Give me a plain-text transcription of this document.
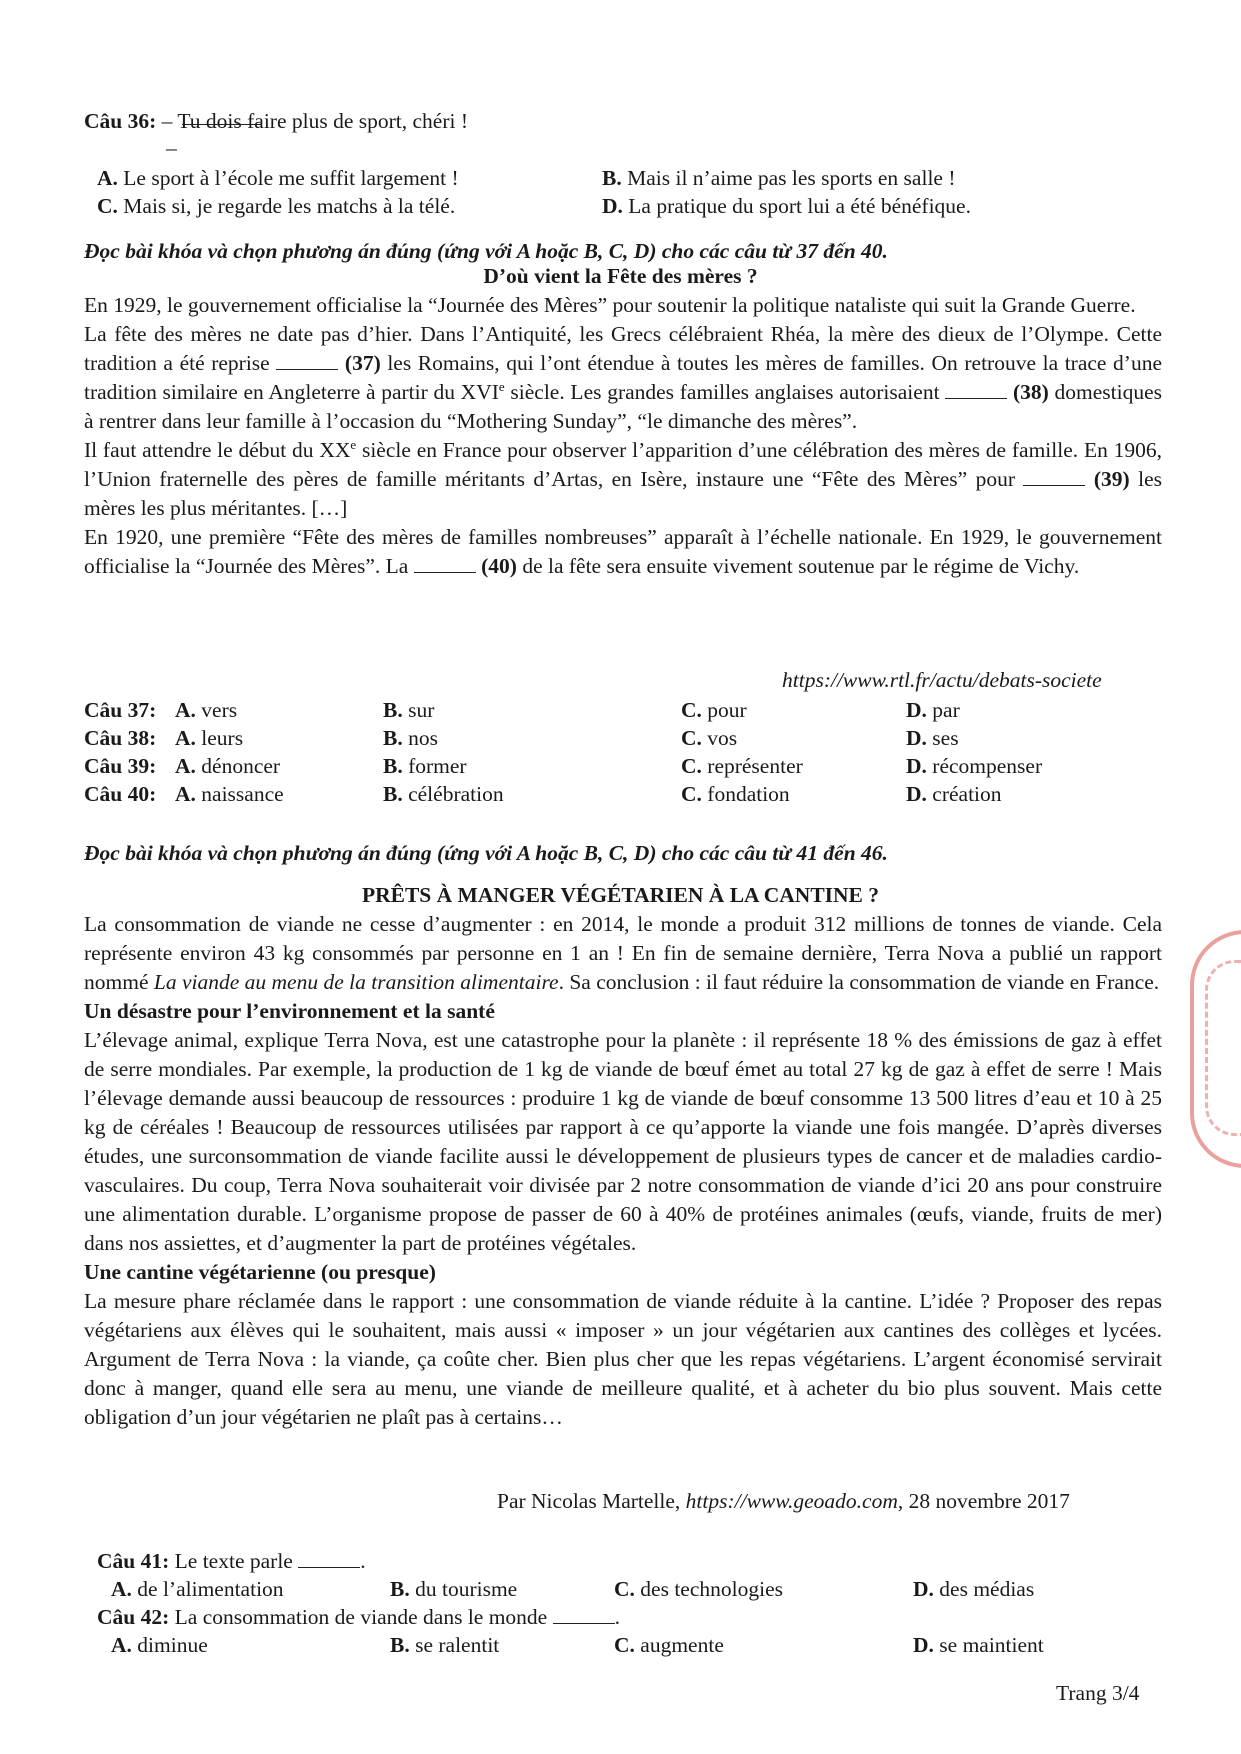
Câu 36: – Tu dois faire plus de sport, chéri !
–
A. Le sport à l’école me suffit largement !	B. Mais il n’aime pas les sports en salle !
C. Mais si, je regarde les matchs à la télé.	D. La pratique du sport lui a été bénéfique.
Đọc bài khóa và chọn phương án đúng (ứng với A hoặc B, C, D) cho các câu từ 37 đến 40.
D’où vient la Fête des mères ?
En 1929, le gouvernement officialise la “Journée des Mères” pour soutenir la politique nataliste qui suit la Grande Guerre.
La fête des mères ne date pas d’hier. Dans l’Antiquité, les Grecs célébraient Rhéa, la mère des dieux de l’Olympe. Cette tradition a été reprise	(37) les Romains, qui l’ont étendue à toutes les mères de familles. On retrouve la trace d’une tradition similaire en Angleterre à partir du XVIe siècle. Les grandes familles anglaises autorisaient	(38) domestiques à rentrer dans leur famille à l’occasion du “Mothering Sunday”, “le dimanche des mères”.
Il faut attendre le début du XXe siècle en France pour observer l’apparition d’une célébration des mères de famille. En 1906, l’Union fraternelle des pères de famille méritants d’Artas, en Isère, instaure une “Fête des Mères” pour	(39) les mères les plus méritantes. […]
En 1920, une première “Fête des mères de familles nombreuses” apparaît à l’échelle nationale. En 1929, le gouvernement officialise la “Journée des Mères”. La	(40) de la fête sera ensuite vivement soutenue par le régime de Vichy.
https://www.rtl.fr/actu/debats-societe
Câu 37: A. vers	B. sur	C. pour	D. par
Câu 38: A. leurs	B. nos	C. vos	D. ses
Câu 39: A. dénoncer	B. former	C. représenter	D. récompenser
Câu 40: A. naissance	B. célébration	C. fondation	D. création
Đọc bài khóa và chọn phương án đúng (ứng với A hoặc B, C, D) cho các câu từ 41 đến 46.
PRÊTS À MANGER VÉGÉTARIEN À LA CANTINE ?
La consommation de viande ne cesse d’augmenter : en 2014, le monde a produit 312 millions de tonnes de viande. Cela représente environ 43 kg consommés par personne en 1 an ! En fin de semaine dernière, Terra Nova a publié un rapport nommé La viande au menu de la transition alimentaire. Sa conclusion : il faut réduire la consommation de viande en France.
Un désastre pour l’environnement et la santé
L’élevage animal, explique Terra Nova, est une catastrophe pour la planète : il représente 18 % des émissions de gaz à effet de serre mondiales. Par exemple, la production de 1 kg de viande de bœuf émet au total 27 kg de gaz à effet de serre ! Mais l’élevage demande aussi beaucoup de ressources : produire 1 kg de viande de bœuf consomme 13 500 litres d’eau et 10 à 25 kg de céréales ! Beaucoup de ressources utilisées par rapport à ce qu’apporte la viande une fois mangée. D’après diverses études, une surconsommation de viande facilite aussi le développement de plusieurs types de cancer et de maladies cardio-vasculaires. Du coup, Terra Nova souhaiterait voir divisée par 2 notre consommation de viande d’ici 20 ans pour construire une alimentation durable. L’organisme propose de passer de 60 à 40% de protéines animales (œufs, viande, fruits de mer) dans nos assiettes, et d’augmenter la part de protéines végétales.
Une cantine végétarienne (ou presque)
La mesure phare réclamée dans le rapport : une consommation de viande réduite à la cantine. L’idée ? Proposer des repas végétariens aux élèves qui le souhaitent, mais aussi « imposer » un jour végétarien aux cantines des collèges et lycées. Argument de Terra Nova : la viande, ça coûte cher. Bien plus cher que les repas végétariens. L’argent économisé servirait donc à manger, quand elle sera au menu, une viande de meilleure qualité, et à acheter du bio plus souvent. Mais cette obligation d’un jour végétarien ne plaît pas à certains…
Par Nicolas Martelle, https://www.geoado.com, 28 novembre 2017
Câu 41: Le texte parle	.
A. de l’alimentation	B. du tourisme	C. des technologies	D. des médias
Câu 42: La consommation de viande dans le monde	.
A. diminue	B. se ralentit	C. augmente	D. se maintient
Trang 3/4
